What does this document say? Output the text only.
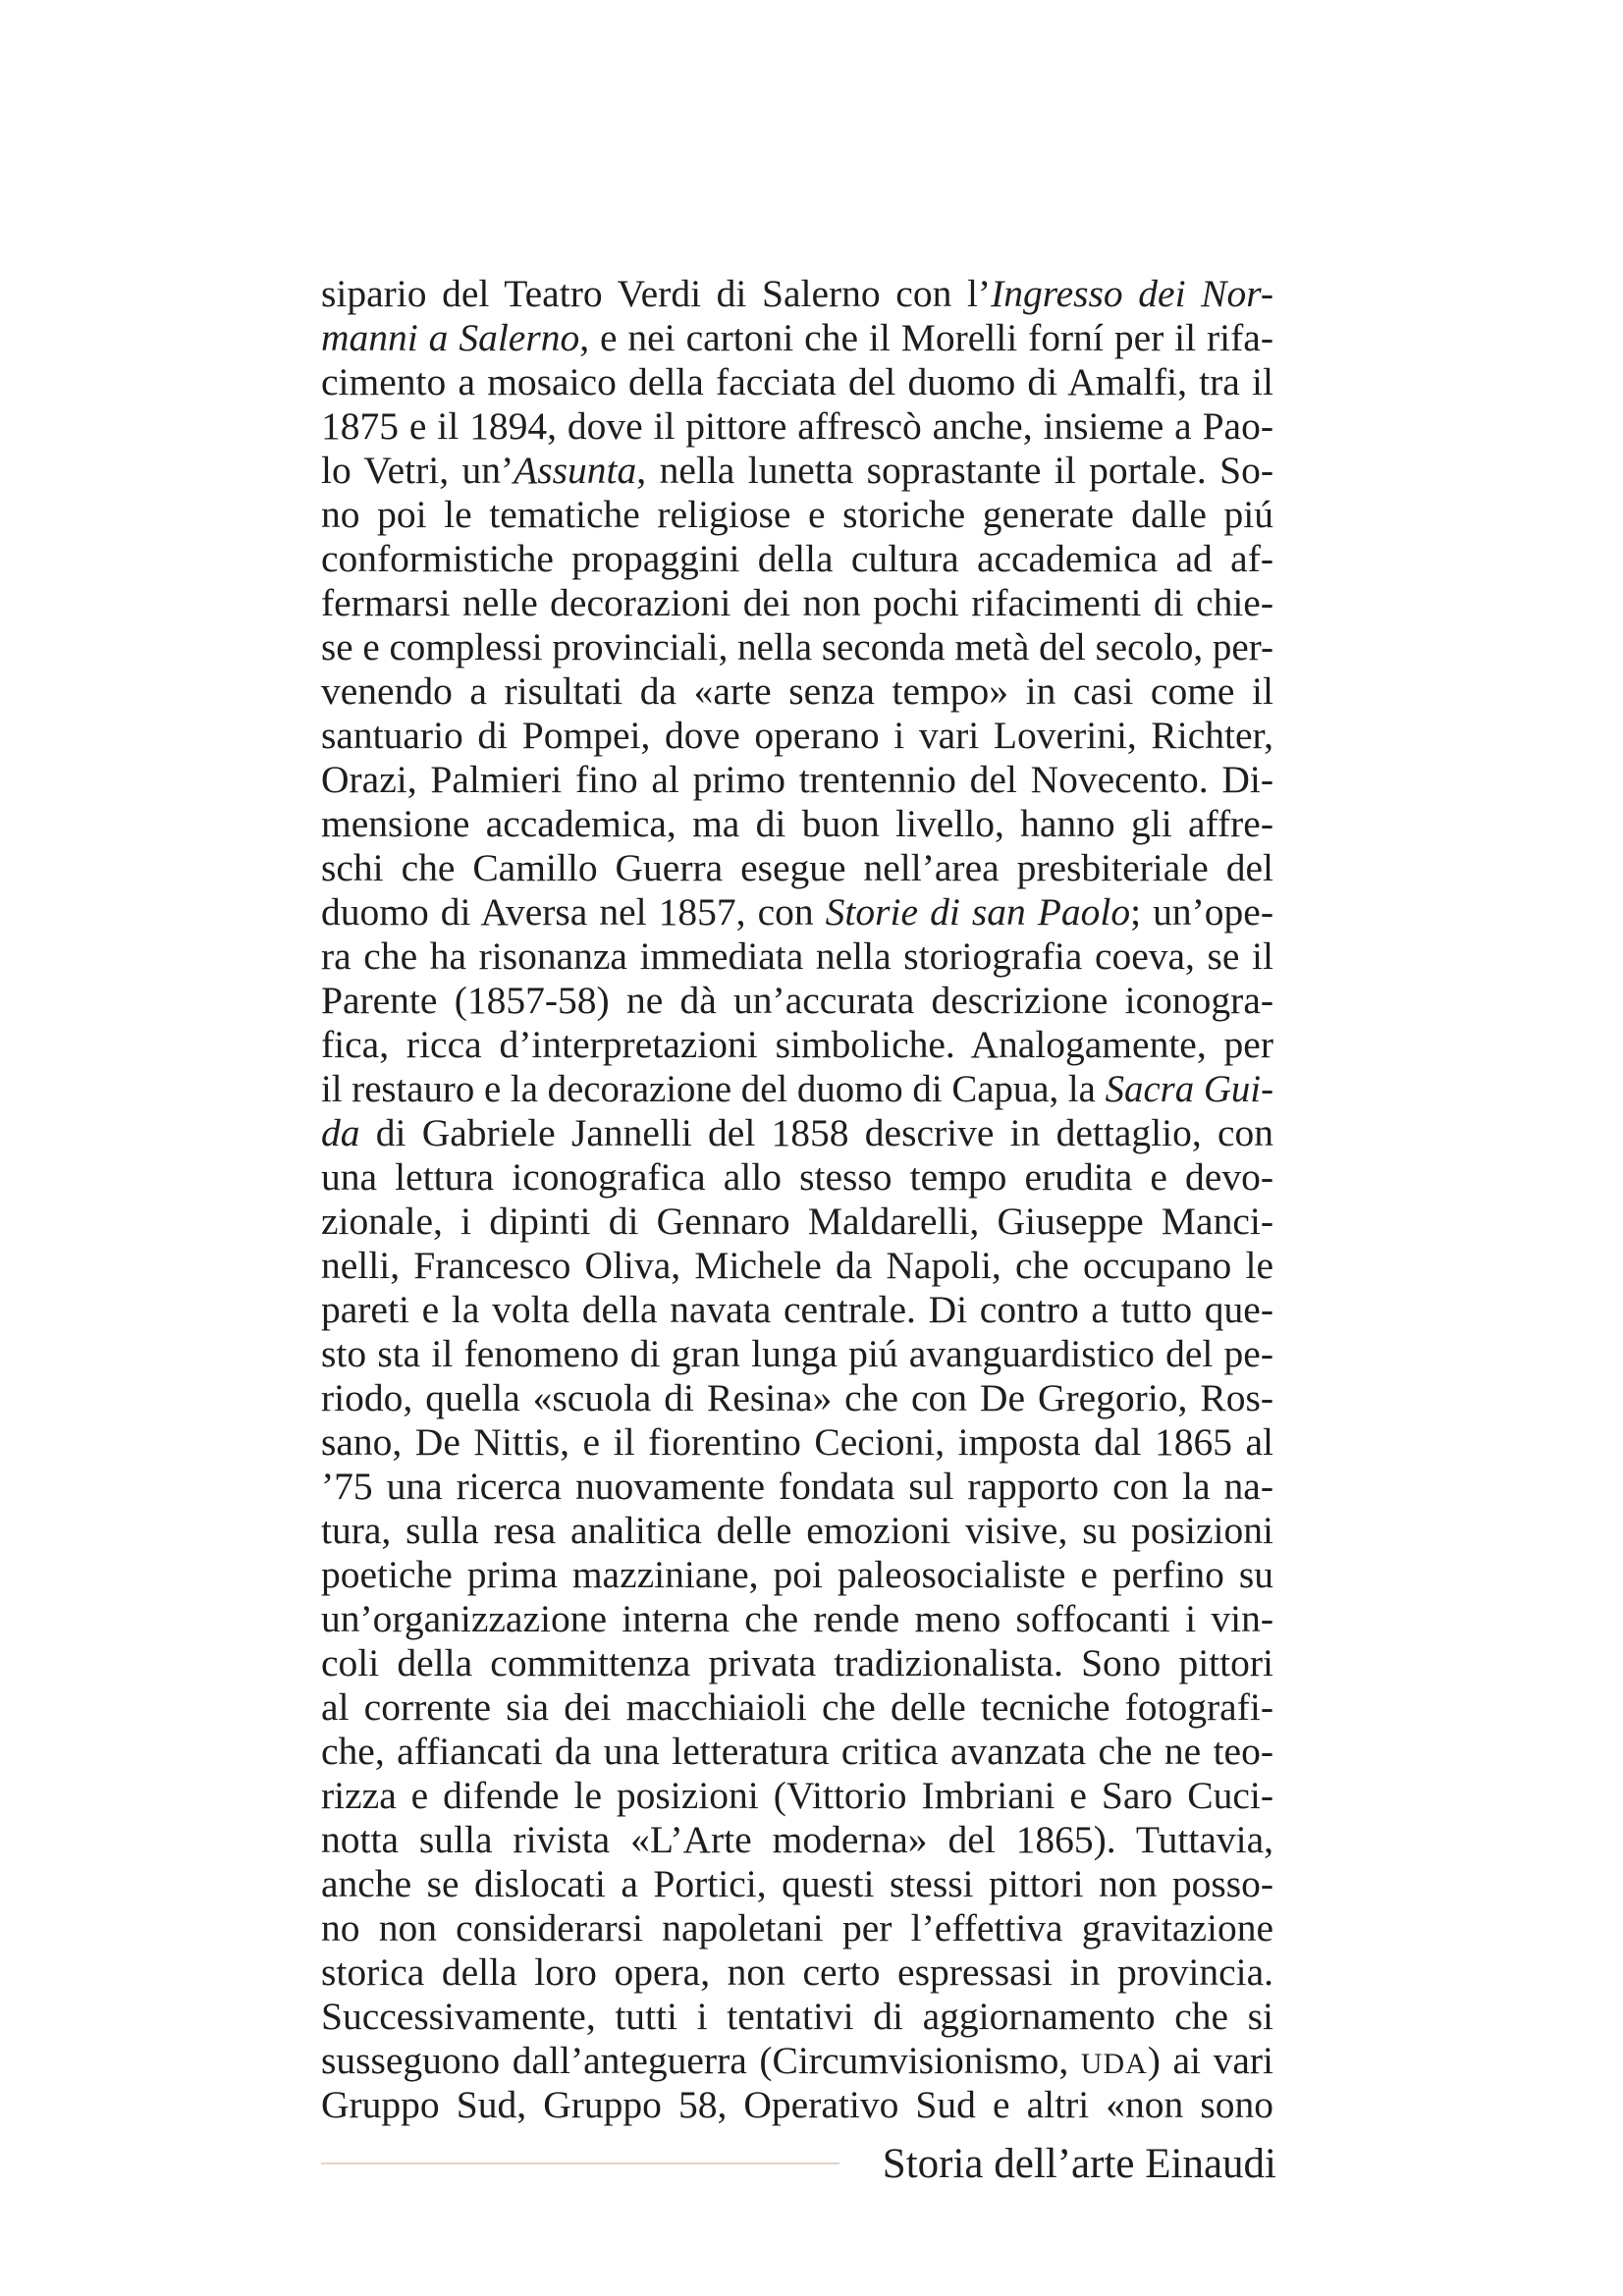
sipario del Teatro Verdi di Salerno con l’Ingresso dei Nor-
manni a Salerno, e nei cartoni che il Morelli forní per il rifa-
cimento a mosaico della facciata del duomo di Amalfi, tra il
1875 e il 1894, dove il pittore affrescò anche, insieme a Pao-
lo Vetri, un’Assunta, nella lunetta soprastante il portale. So-
no poi le tematiche religiose e storiche generate dalle piú
conformistiche propaggini della cultura accademica ad af-
fermarsi nelle decorazioni dei non pochi rifacimenti di chie-
se e complessi provinciali, nella seconda metà del secolo, per-
venendo a risultati da «arte senza tempo» in casi come il
santuario di Pompei, dove operano i vari Loverini, Richter,
Orazi, Palmieri fino al primo trentennio del Novecento. Di-
mensione accademica, ma di buon livello, hanno gli affre-
schi che Camillo Guerra esegue nell’area presbiteriale del
duomo di Aversa nel 1857, con Storie di san Paolo; un’ope-
ra che ha risonanza immediata nella storiografia coeva, se il
Parente (1857-58) ne dà un’accurata descrizione iconogra-
fica, ricca d’interpretazioni simboliche. Analogamente, per
il restauro e la decorazione del duomo di Capua, la Sacra Gui-
da di Gabriele Jannelli del 1858 descrive in dettaglio, con
una lettura iconografica allo stesso tempo erudita e devo-
zionale, i dipinti di Gennaro Maldarelli, Giuseppe Manci-
nelli, Francesco Oliva, Michele da Napoli, che occupano le
pareti e la volta della navata centrale. Di contro a tutto que-
sto sta il fenomeno di gran lunga piú avanguardistico del pe-
riodo, quella «scuola di Resina» che con De Gregorio, Ros-
sano, De Nittis, e il fiorentino Cecioni, imposta dal 1865 al
’75 una ricerca nuovamente fondata sul rapporto con la na-
tura, sulla resa analitica delle emozioni visive, su posizioni
poetiche prima mazziniane, poi paleosocialiste e perfino su
un’organizzazione interna che rende meno soffocanti i vin-
coli della committenza privata tradizionalista. Sono pittori
al corrente sia dei macchiaioli che delle tecniche fotografi-
che, affiancati da una letteratura critica avanzata che ne teo-
rizza e difende le posizioni (Vittorio Imbriani e Saro Cuci-
notta sulla rivista «L’Arte moderna» del 1865). Tuttavia,
anche se dislocati a Portici, questi stessi pittori non posso-
no non considerarsi napoletani per l’effettiva gravitazione
storica della loro opera, non certo espressasi in provincia.
Successivamente, tutti i tentativi di aggiornamento che si
susseguono dall’anteguerra (Circumvisionismo, UDA) ai vari
Gruppo Sud, Gruppo 58, Operativo Sud e altri «non sono
Storia dell’arte Einaudi
